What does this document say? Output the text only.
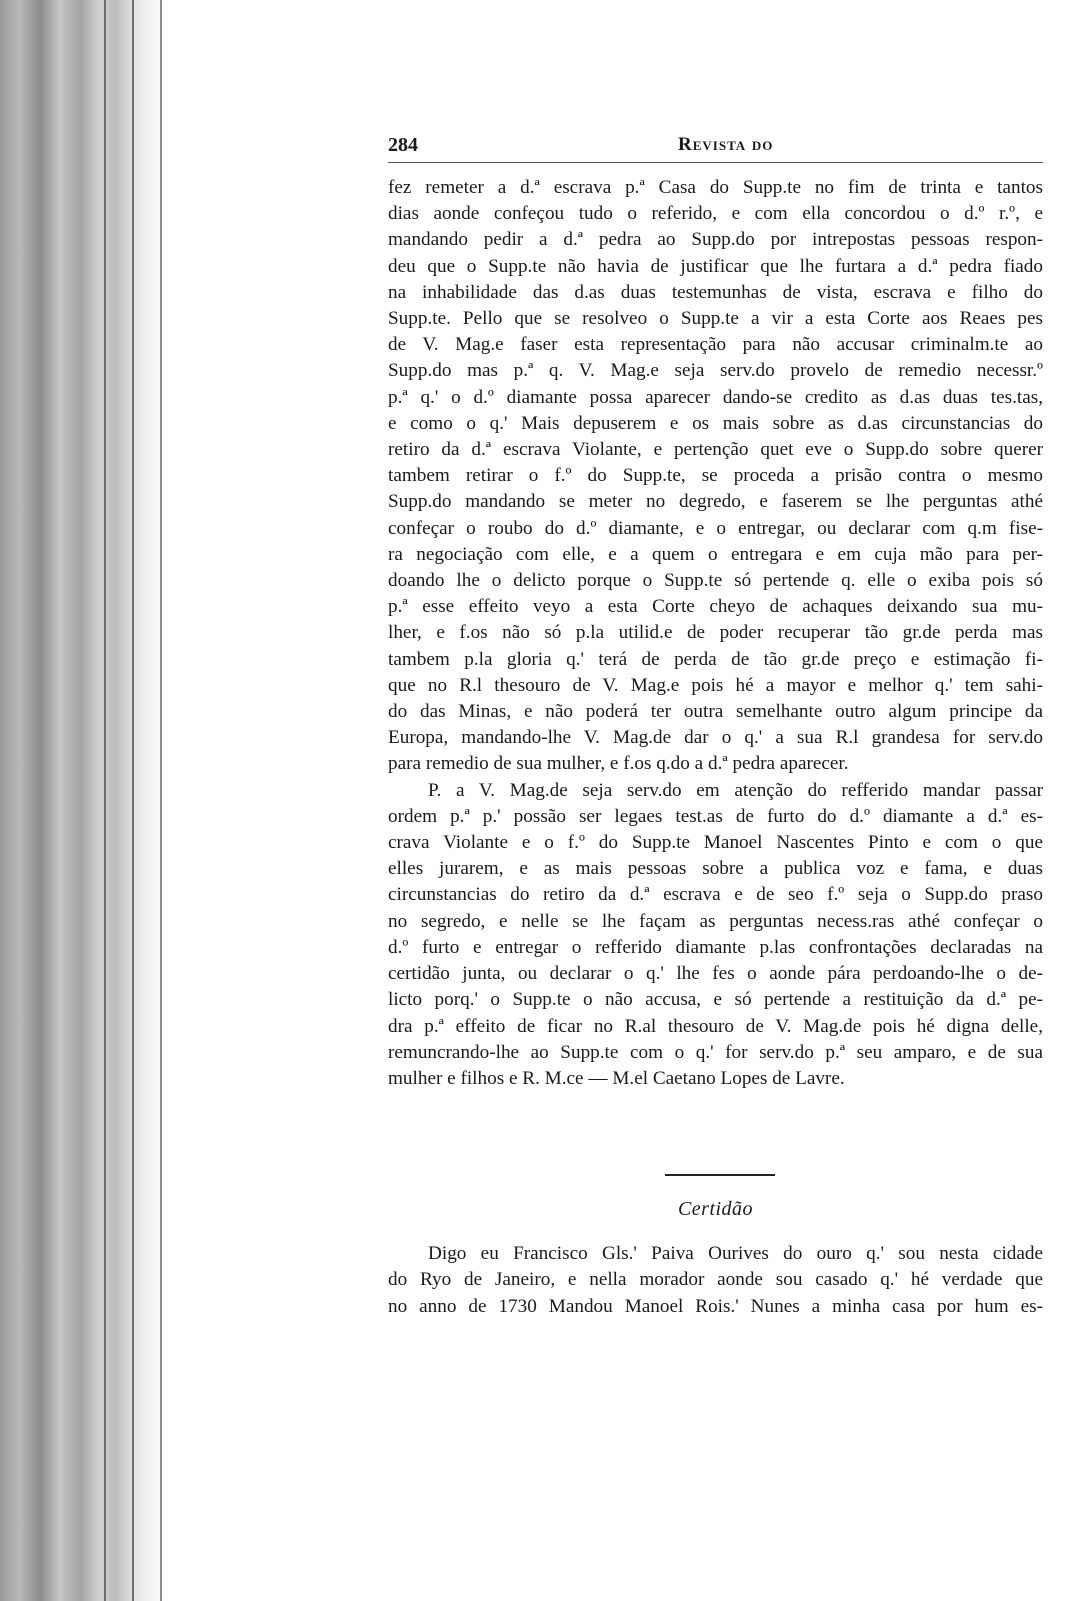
284	Revista do
fez remeter a d.ª escrava p.ª Casa do Supp.te no fim de trinta e tantos
dias aonde confeçou tudo o referido, e com ella concordou o d.º r.º, e
mandando pedir a d.ª pedra ao Supp.do por intrepostas pessoas respon-
deu que o Supp.te não havia de justificar que lhe furtara a d.ª pedra fiado
na inhabilidade das d.as duas testemunhas de vista, escrava e filho do
Supp.te. Pello que se resolveo o Supp.te a vir a esta Corte aos Reaes pes
de V. Mag.e faser esta representação para não accusar criminalm.te ao
Supp.do mas p.ª q. V. Mag.e seja serv.do provelo de remedio necessr.º
p.ª q.' o d.º diamante possa aparecer dando-se credito as d.as duas tes.tas,
e como o q.' Mais depuserem e os mais sobre as d.as circunstancias do
retiro da d.ª escrava Violante, e pertenção quet eve o Supp.do sobre querer
tambem retirar o f.º do Supp.te, se proceda a prisão contra o mesmo
Supp.do mandando se meter no degredo, e faserem se lhe perguntas athé
confeçar o roubo do d.º diamante, e o entregar, ou declarar com q.m fise-
ra negociação com elle, e a quem o entregara e em cuja mão para per-
doando lhe o delicto porque o Supp.te só pertende q. elle o exiba pois só
p.ª esse effeito veyo a esta Corte cheyo de achaques deixando sua mu-
lher, e f.os não só p.la utilid.e de poder recuperar tão gr.de perda mas
tambem p.la gloria q.' terá de perda de tão gr.de preço e estimação fi-
que no R.l thesouro de V. Mag.e pois hé a mayor e melhor q.' tem sahi-
do das Minas, e não poderá ter outra semelhante outro algum principe da
Europa, mandando-lhe V. Mag.de dar o q.' a sua R.l grandesa for serv.do
para remedio de sua mulher, e f.os q.do a d.ª pedra aparecer.
P. a V. Mag.de seja serv.do em atenção do refferido mandar passar
ordem p.ª p.' possão ser legaes test.as de furto do d.º diamante a d.ª es-
crava Violante e o f.º do Supp.te Manoel Nascentes Pinto e com o que
elles jurarem, e as mais pessoas sobre a publica voz e fama, e duas
circunstancias do retiro da d.ª escrava e de seo f.º seja o Supp.do praso
no segredo, e nelle se lhe façam as perguntas necess.ras athé confeçar o
d.º furto e entregar o refferido diamante p.las confrontações declaradas na
certidão junta, ou declarar o q.' lhe fes o aonde pára perdoando-lhe o de-
licto porq.' o Supp.te o não accusa, e só pertende a restituição da d.ª pe-
dra p.ª effeito de ficar no R.al thesouro de V. Mag.de pois hé digna delle,
remuncrando-lhe ao Supp.te com o q.' for serv.do p.ª seu amparo, e de sua
mulher e filhos e R. M.ce — M.el Caetano Lopes de Lavre.
Certidão
Digo eu Francisco Gls.' Paiva Ourives do ouro q.' sou nesta cidade
do Ryo de Janeiro, e nella morador aonde sou casado q.' hé verdade que
no anno de 1730 Mandou Manoel Rois.' Nunes a minha casa por hum es-
